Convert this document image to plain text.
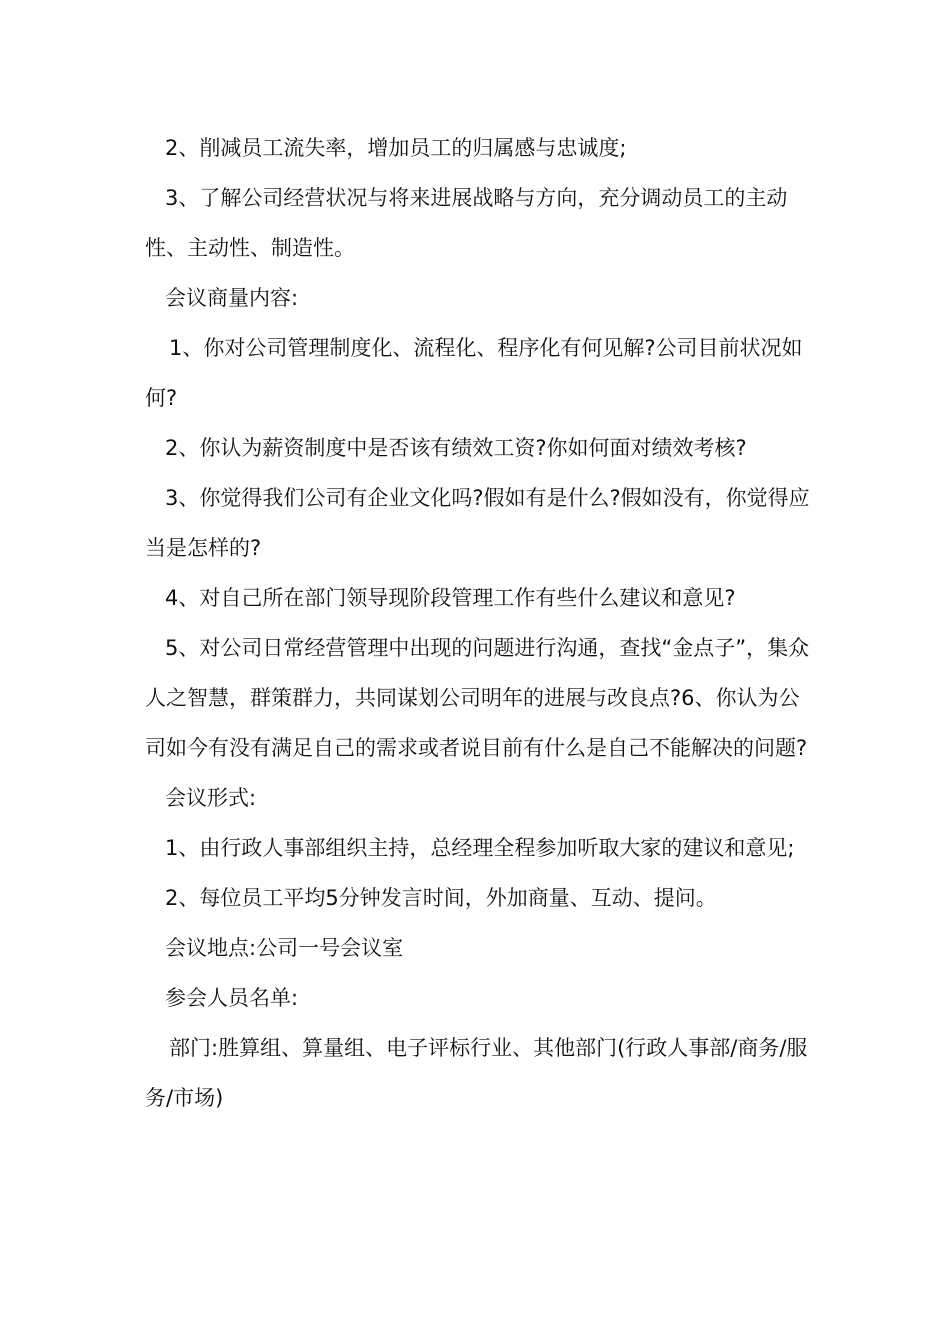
2、削减员工流失率，增加员工的归属感与忠诚度;

3、了解公司经营状况与将来进展战略与方向，充分调动员工的主动性、主动性、制造性。

会议商量内容:

1、你对公司管理制度化、流程化、程序化有何见解?公司目前状况如何?

2、你认为薪资制度中是否该有绩效工资?你如何面对绩效考核?

3、你觉得我们公司有企业文化吗?假如有是什么?假如没有，你觉得应当是怎样的?

4、对自己所在部门领导现阶段管理工作有些什么建议和意见?

5、对公司日常经营管理中出现的问题进行沟通，查找“金点子”，集众人之智慧，群策群力，共同谋划公司明年的进展与改良点?6、你认为公司如今有没有满足自己的需求或者说目前有什么是自己不能解决的问题?

会议形式:

1、由行政人事部组织主持，总经理全程参加听取大家的建议和意见;

2、每位员工平均5分钟发言时间，外加商量、互动、提问。

会议地点:公司一号会议室

参会人员名单:

部门:胜算组、算量组、电子评标行业、其他部门(行政人事部/商务/服务/市场)
